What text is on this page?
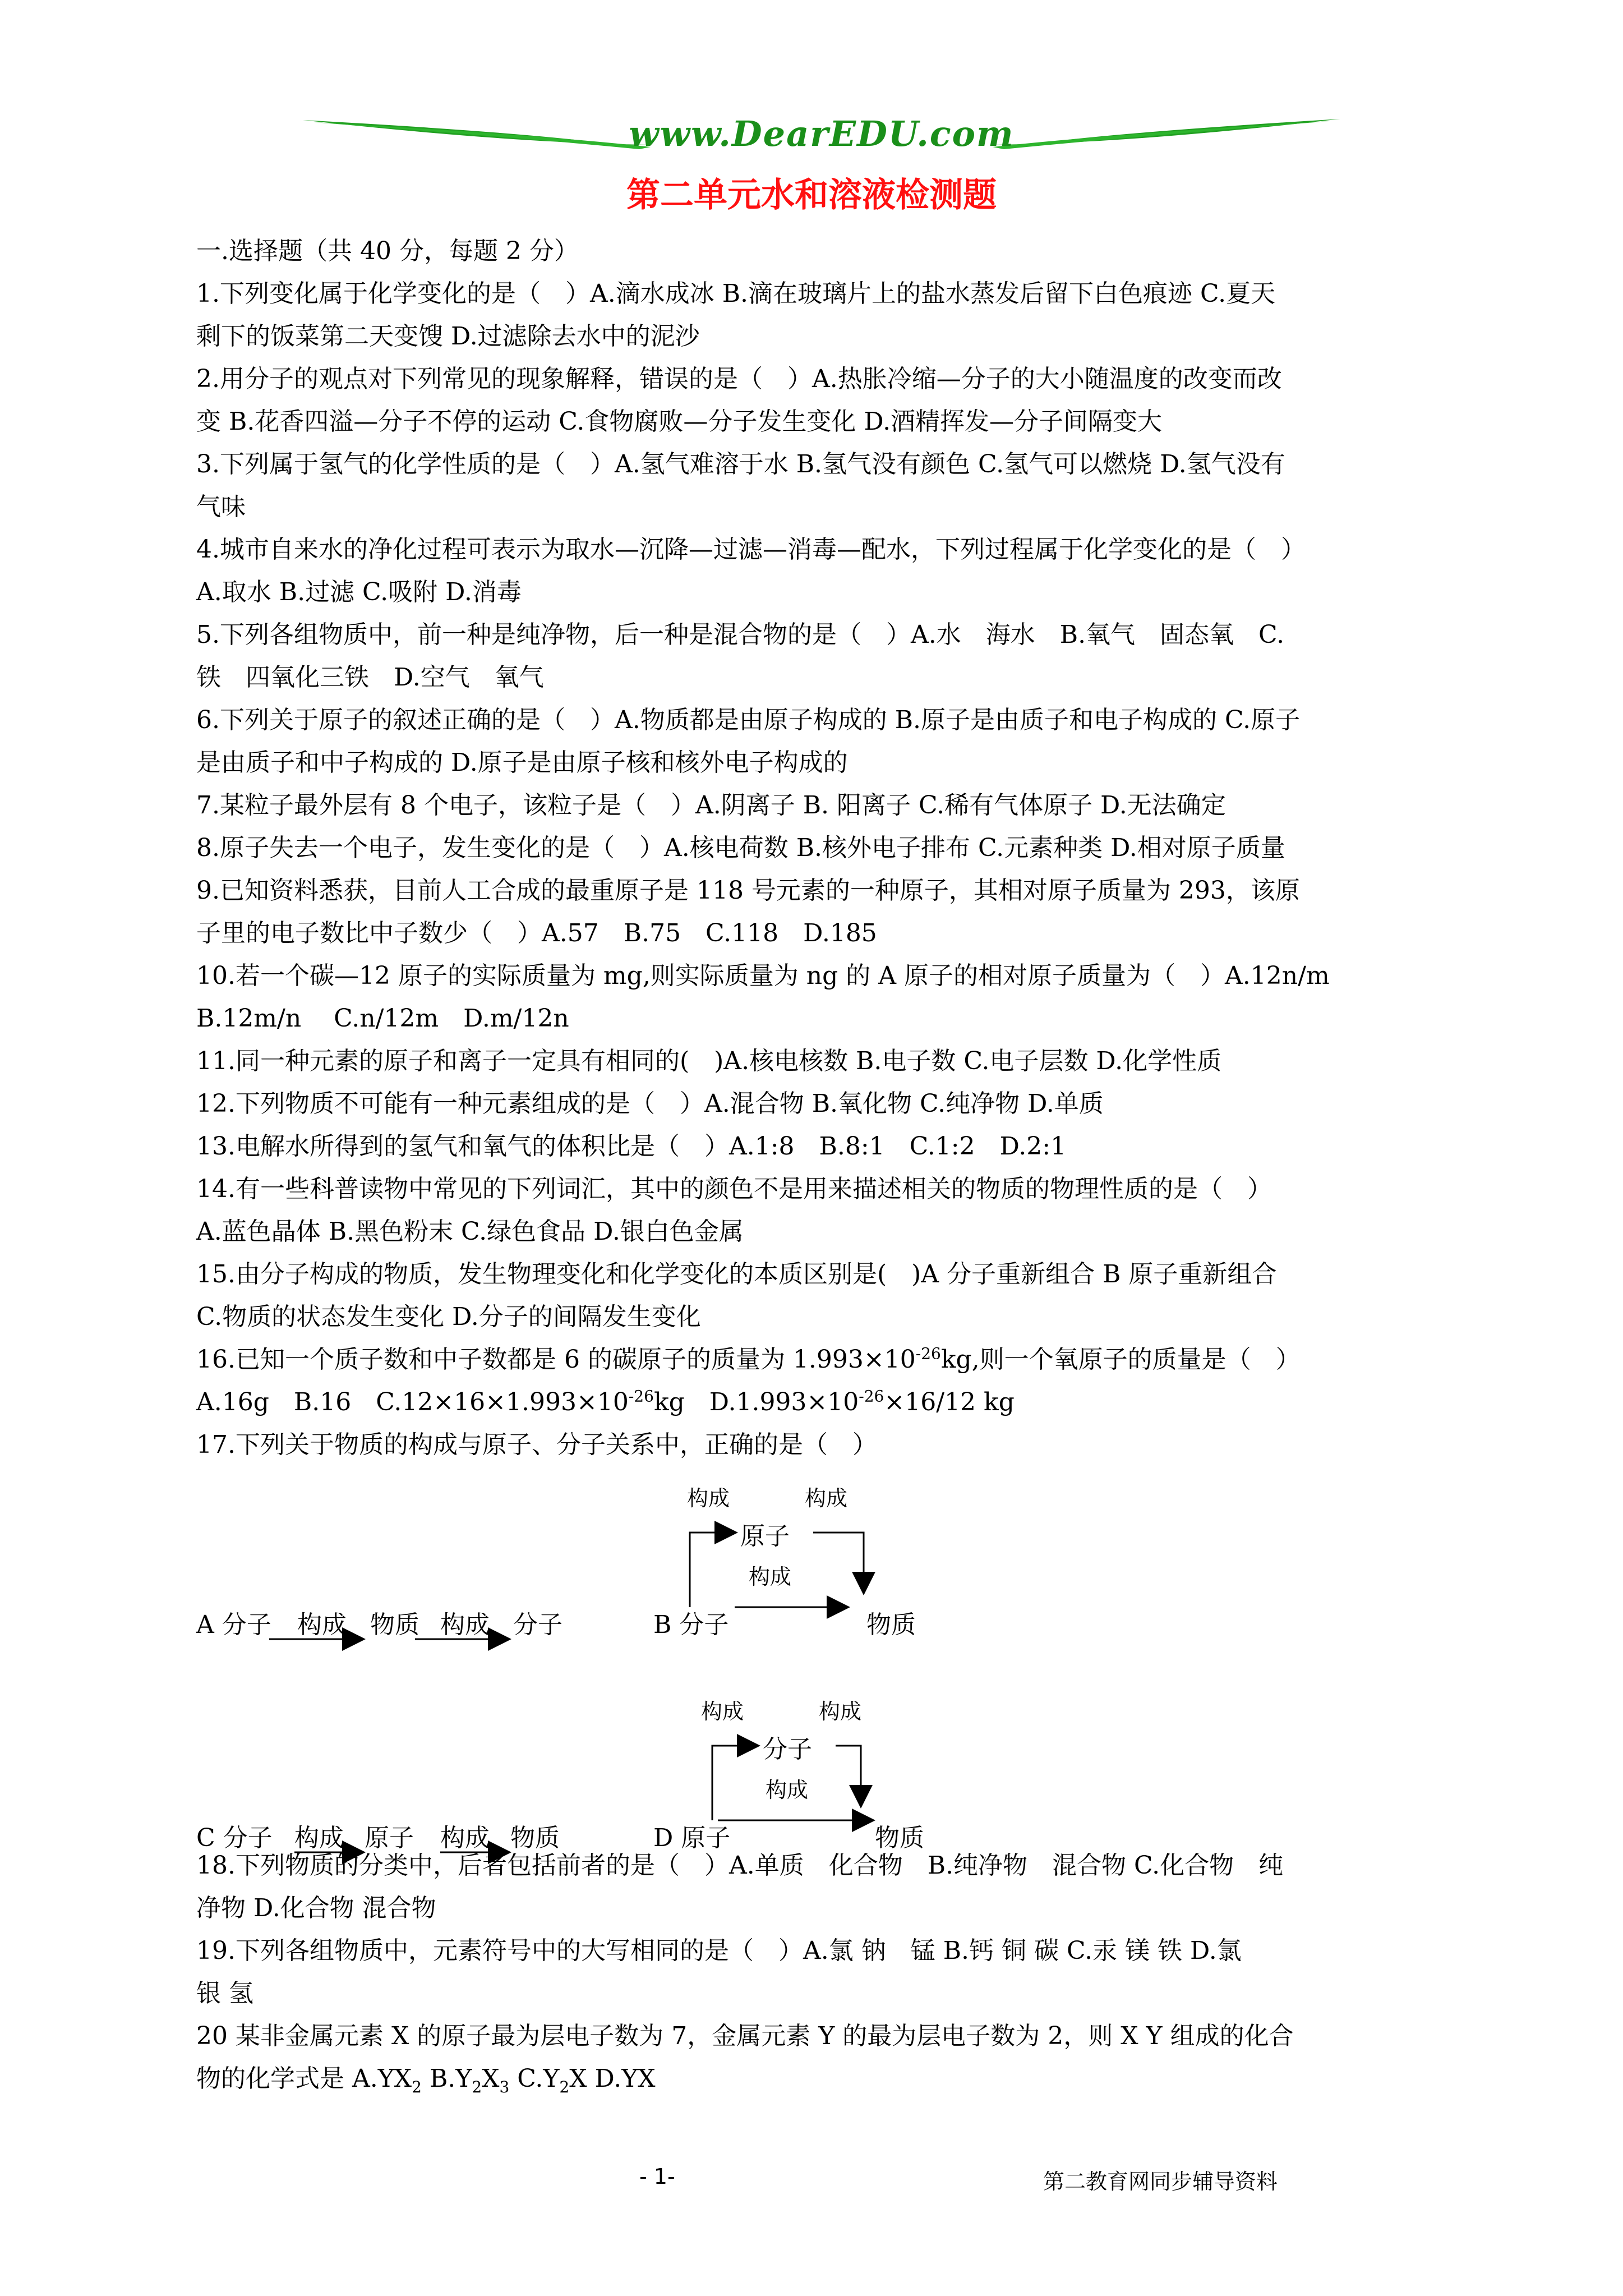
www.DearEDU.com
第二单元水和溶液检测题
一.选择题（共 40 分，每题 2 分）
1.下列变化属于化学变化的是（　）A.滴水成冰 B.滴在玻璃片上的盐水蒸发后留下白色痕迹 C.夏天
剩下的饭菜第二天变馊 D.过滤除去水中的泥沙
2.用分子的观点对下列常见的现象解释，错误的是（　）A.热胀冷缩—分子的大小随温度的改变而改
变 B.花香四溢—分子不停的运动 C.食物腐败—分子发生变化 D.酒精挥发—分子间隔变大
3.下列属于氢气的化学性质的是（　）A.氢气难溶于水 B.氢气没有颜色 C.氢气可以燃烧 D.氢气没有
气味
4.城市自来水的净化过程可表示为取水—沉降—过滤—消毒—配水，下列过程属于化学变化的是（　）
A.取水 B.过滤 C.吸附 D.消毒
5.下列各组物质中，前一种是纯净物，后一种是混合物的是（　）A.水　海水　B.氧气　固态氧　C.
铁　四氧化三铁　D.空气　氧气
6.下列关于原子的叙述正确的是（　）A.物质都是由原子构成的 B.原子是由质子和电子构成的 C.原子
是由质子和中子构成的 D.原子是由原子核和核外电子构成的
7.某粒子最外层有 8 个电子，该粒子是（　）A.阴离子 B. 阳离子 C.稀有气体原子 D.无法确定
8.原子失去一个电子，发生变化的是（　）A.核电荷数 B.核外电子排布 C.元素种类 D.相对原子质量
9.已知资料悉获，目前人工合成的最重原子是 118 号元素的一种原子，其相对原子质量为 293，该原
子里的电子数比中子数少（　）A.57　B.75　C.118　D.185
10.若一个碳—12 原子的实际质量为 mg,则实际质量为 ng 的 A 原子的相对原子质量为（　）A.12n/m
B.12m/n　 C.n/12m　D.m/12n
11.同一种元素的原子和离子一定具有相同的(　)A.核电核数 B.电子数 C.电子层数 D.化学性质
12.下列物质不可能有一种元素组成的是（　）A.混合物 B.氧化物 C.纯净物 D.单质
13.电解水所得到的氢气和氧气的体积比是（　）A.1:8　B.8:1　C.1:2　D.2:1
14.有一些科普读物中常见的下列词汇，其中的颜色不是用来描述相关的物质的物理性质的是（　）
A.蓝色晶体 B.黑色粉末 C.绿色食品 D.银白色金属
15.由分子构成的物质，发生物理变化和化学变化的本质区别是(　)A 分子重新组合 B 原子重新组合
C.物质的状态发生变化 D.分子的间隔发生变化
16.已知一个质子数和中子数都是 6 的碳原子的质量为 $1.993\times 10^{-26}kg$,则一个氧原子的质量是（　）
A.16g　B.16　$C.12\times 16\times 1.993\times 10^{-26}kg$　$D.1.993\times 10^{-26}\times 16/12$ kg
17.下列关于物质的构成与原子、分子关系中，正确的是（　）
A 分子 构成 物质 构成 分子
构成	构成
原子
构成
B 分子	物质
C 分子 构成 原子 构成 物质
构成	构成
分子
构成
D 原子	物质
18.下列物质的分类中，后者包括前者的是（　）A.单质　化合物　B.纯净物　混合物 C.化合物　纯
净物 D.化合物 混合物
19.下列各组物质中，元素符号中的大写相同的是（　）A.氯 钠　锰 B.钙 铜 碳 C.汞 镁 铁 D.氯
银 氢
20 某非金属元素 X 的原子最为层电子数为 7，金属元素 Y 的最为层电子数为 2，则 X Y 组成的化合
物的化学式是 $A.YX_2$ $B.Y_2X_3$ $C.Y_2X$ D.YX
- 1-	第二教育网同步辅导资料
